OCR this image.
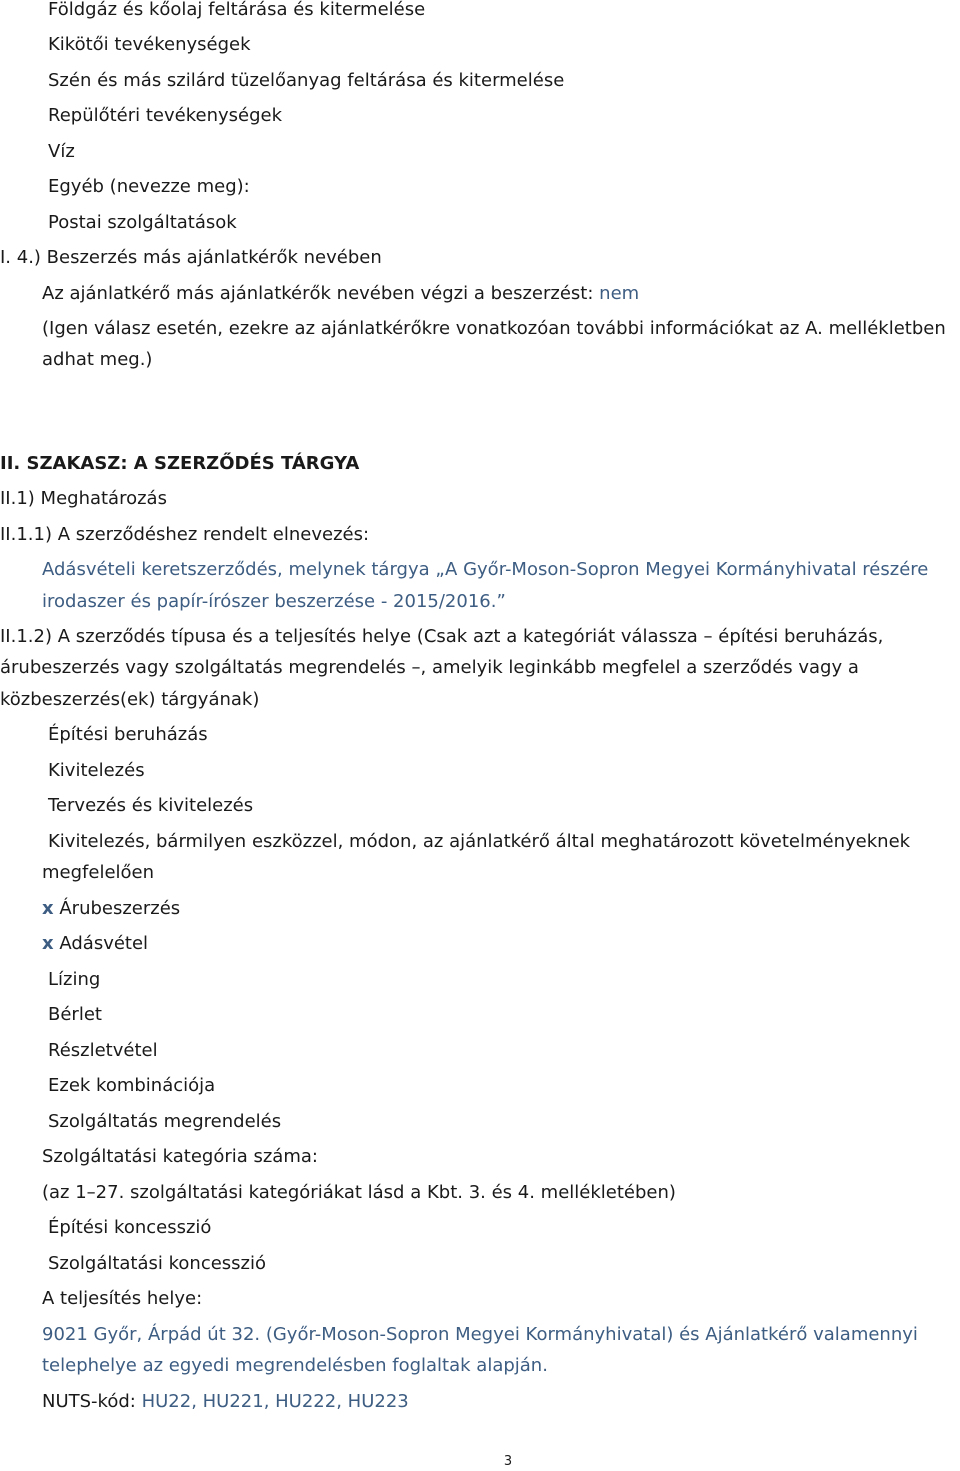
Földgáz és kőolaj feltárása és kitermelése
Kikötői tevékenységek
Szén és más szilárd tüzelőanyag feltárása és kitermelése
Repülőtéri tevékenységek
Víz
Egyéb (nevezze meg):
Postai szolgáltatások
I. 4.) Beszerzés más ajánlatkérők nevében
Az ajánlatkérő más ajánlatkérők nevében végzi a beszerzést: nem
(Igen válasz esetén, ezekre az ajánlatkérőkre vonatkozóan további információkat az A. mellékletben
adhat meg.)
II. SZAKASZ: A SZERZŐDÉS TÁRGYA
II.1) Meghatározás
II.1.1) A szerződéshez rendelt elnevezés:
Adásvételi keretszerződés, melynek tárgya „A Győr-Moson-Sopron Megyei Kormányhivatal részére
irodaszer és papír-írószer beszerzése - 2015/2016.”
II.1.2) A szerződés típusa és a teljesítés helye (Csak azt a kategóriát válassza – építési beruházás,
árubeszerzés vagy szolgáltatás megrendelés –, amelyik leginkább megfelel a szerződés vagy a
közbeszerzés(ek) tárgyának)
Építési beruházás
Kivitelezés
Tervezés és kivitelezés
Kivitelezés, bármilyen eszközzel, módon, az ajánlatkérő által meghatározott követelményeknek
megfelelően
x Árubeszerzés
x Adásvétel
Lízing
Bérlet
Részletvétel
Ezek kombinációja
Szolgáltatás megrendelés
Szolgáltatási kategória száma:
(az 1–27. szolgáltatási kategóriákat lásd a Kbt. 3. és 4. mellékletében)
Építési koncesszió
Szolgáltatási koncesszió
A teljesítés helye:
9021 Győr, Árpád út 32. (Győr-Moson-Sopron Megyei Kormányhivatal) és Ajánlatkérő valamennyi
telephelye az egyedi megrendelésben foglaltak alapján.
NUTS-kód: HU22, HU221, HU222, HU223
3
